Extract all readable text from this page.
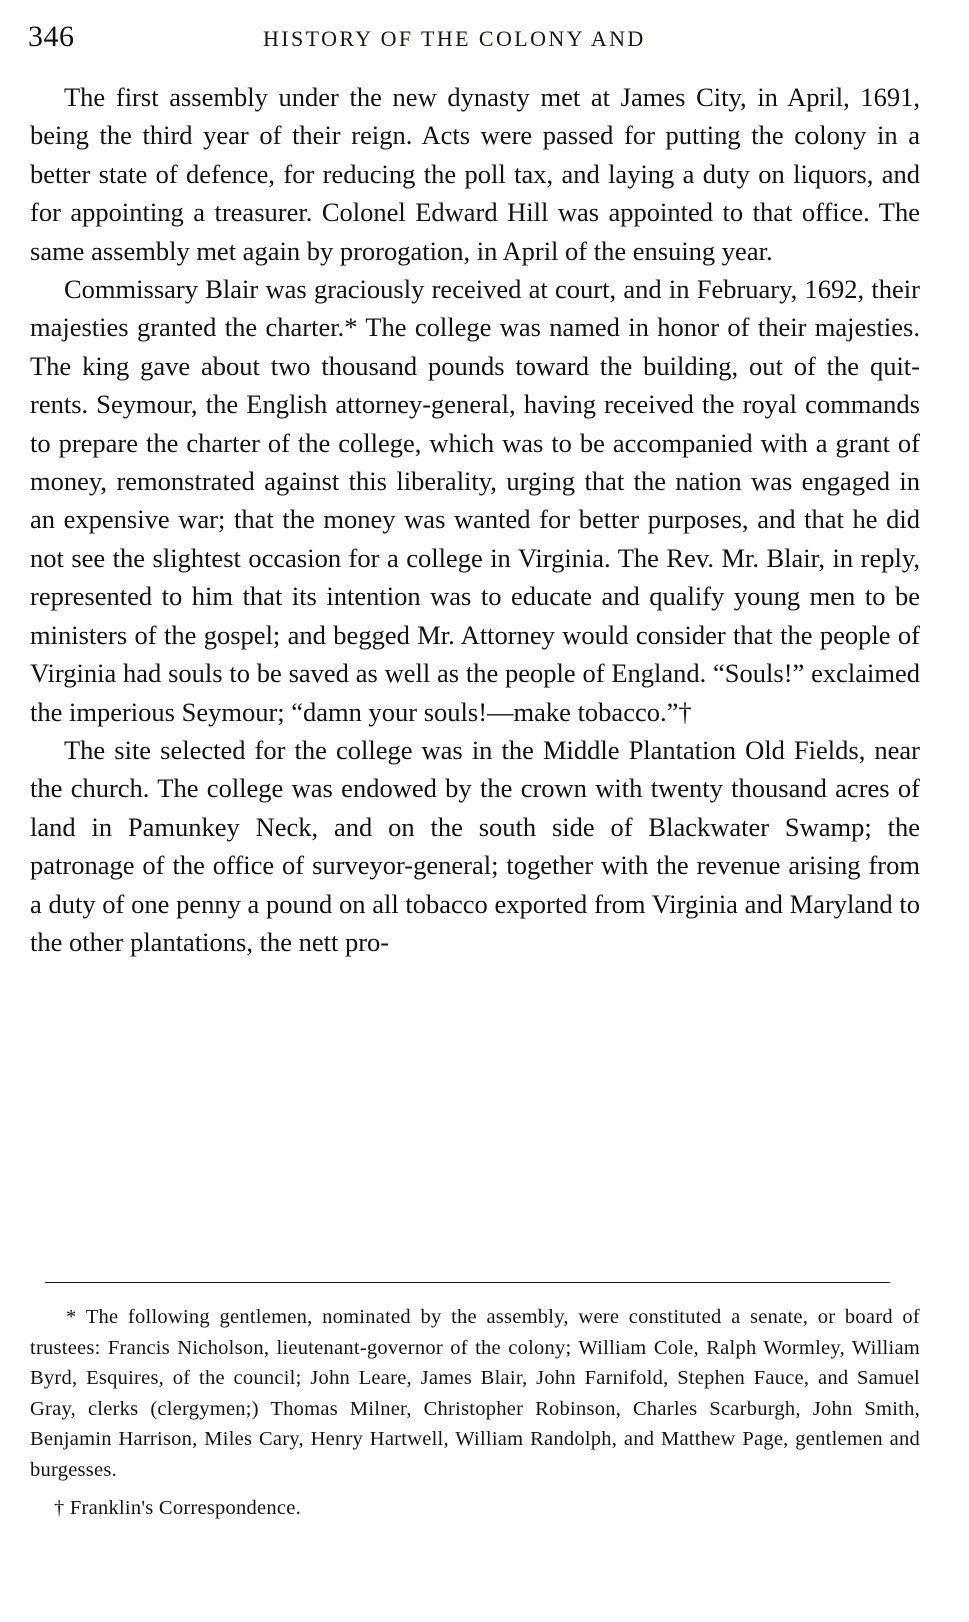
346	HISTORY OF THE COLONY AND

The first assembly under the new dynasty met at James City, in April, 1691, being the third year of their reign. Acts were passed for putting the colony in a better state of defence, for reducing the poll tax, and laying a duty on liquors, and for appointing a treasurer. Colonel Edward Hill was appointed to that office. The same assembly met again by prorogation, in April of the ensuing year.

Commissary Blair was graciously received at court, and in February, 1692, their majesties granted the charter.* The college was named in honor of their majesties. The king gave about two thousand pounds toward the building, out of the quit-rents. Seymour, the English attorney-general, having received the royal commands to prepare the charter of the college, which was to be accompanied with a grant of money, remonstrated against this liberality, urging that the nation was engaged in an expensive war; that the money was wanted for better purposes, and that he did not see the slightest occasion for a college in Virginia. The Rev. Mr. Blair, in reply, represented to him that its intention was to educate and qualify young men to be ministers of the gospel; and begged Mr. Attorney would consider that the people of Virginia had souls to be saved as well as the people of England. “Souls!” exclaimed the imperious Seymour; “damn your souls!—make tobacco.”†

The site selected for the college was in the Middle Plantation Old Fields, near the church. The college was endowed by the crown with twenty thousand acres of land in Pamunkey Neck, and on the south side of Blackwater Swamp; the patronage of the office of surveyor-general; together with the revenue arising from a duty of one penny a pound on all tobacco exported from Virginia and Maryland to the other plantations, the nett pro-

* The following gentlemen, nominated by the assembly, were constituted a senate, or board of trustees: Francis Nicholson, lieutenant-governor of the colony; William Cole, Ralph Wormley, William Byrd, Esquires, of the council; John Leare, James Blair, John Farnifold, Stephen Fauce, and Samuel Gray, clerks (clergymen;) Thomas Milner, Christopher Robinson, Charles Scarburgh, John Smith, Benjamin Harrison, Miles Cary, Henry Hartwell, William Randolph, and Matthew Page, gentlemen and burgesses.

† Franklin's Correspondence.
